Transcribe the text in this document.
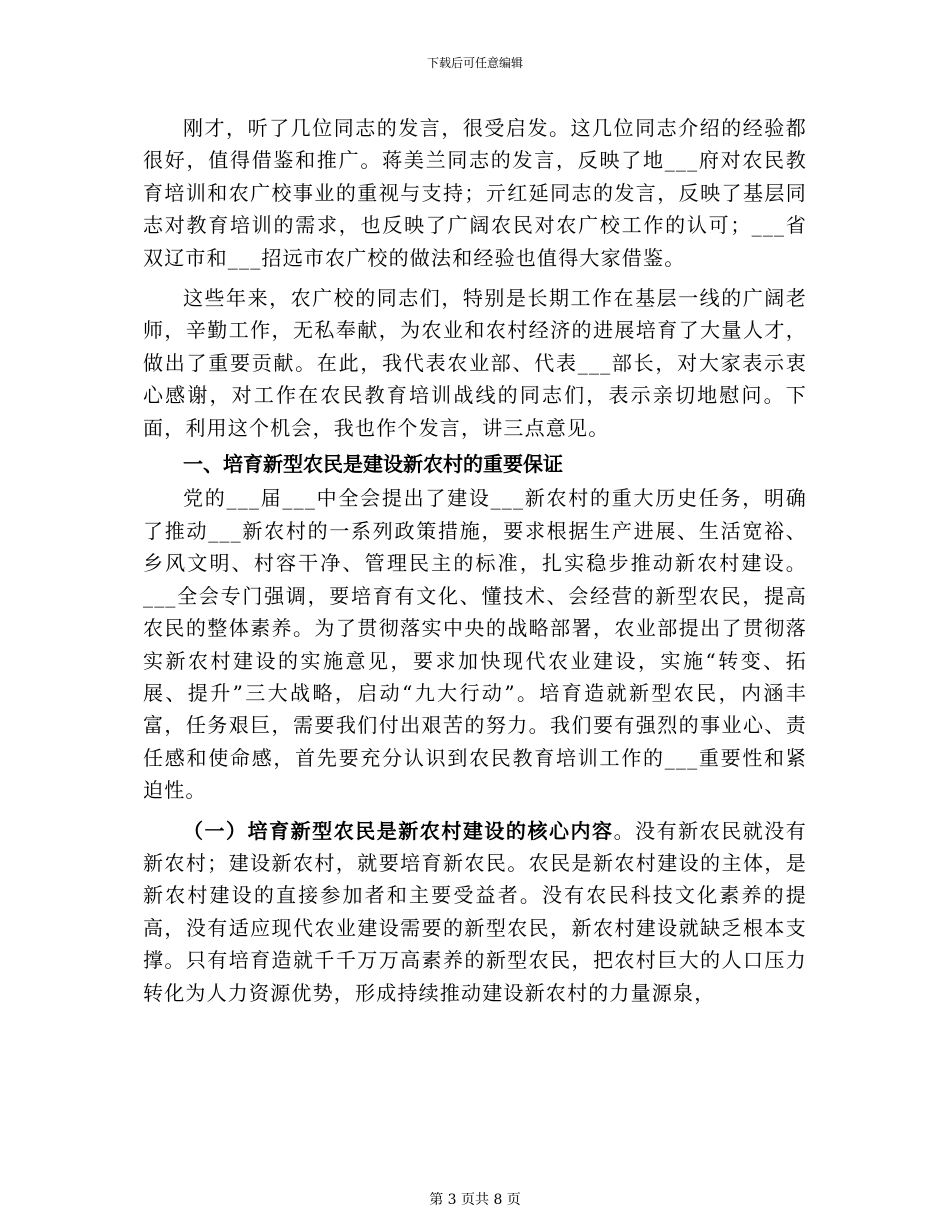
下载后可任意编辑

刚才，听了几位同志的发言，很受启发。这几位同志介绍的经验都很好，值得借鉴和推广。蒋美兰同志的发言，反映了地___府对农民教育培训和农广校事业的重视与支持；亓红延同志的发言，反映了基层同志对教育培训的需求，也反映了广阔农民对农广校工作的认可；___省双辽市和___招远市农广校的做法和经验也值得大家借鉴。

这些年来，农广校的同志们，特别是长期工作在基层一线的广阔老师，辛勤工作，无私奉献，为农业和农村经济的进展培育了大量人才，做出了重要贡献。在此，我代表农业部、代表___部长，对大家表示衷心感谢，对工作在农民教育培训战线的同志们，表示亲切地慰问。下面，利用这个机会，我也作个发言，讲三点意见。

一、培育新型农民是建设新农村的重要保证

党的___届___中全会提出了建设___新农村的重大历史任务，明确了推动___新农村的一系列政策措施，要求根据生产进展、生活宽裕、乡风文明、村容干净、管理民主的标准，扎实稳步推动新农村建设。___全会专门强调，要培育有文化、懂技术、会经营的新型农民，提高农民的整体素养。为了贯彻落实中央的战略部署，农业部提出了贯彻落实新农村建设的实施意见，要求加快现代农业建设，实施“转变、拓展、提升”三大战略，启动“九大行动”。培育造就新型农民，内涵丰富，任务艰巨，需要我们付出艰苦的努力。我们要有强烈的事业心、责任感和使命感，首先要充分认识到农民教育培训工作的___重要性和紧迫性。

（一）培育新型农民是新农村建设的核心内容。没有新农民就没有新农村；建设新农村，就要培育新农民。农民是新农村建设的主体，是新农村建设的直接参加者和主要受益者。没有农民科技文化素养的提高，没有适应现代农业建设需要的新型农民，新农村建设就缺乏根本支撑。只有培育造就千千万万高素养的新型农民，把农村巨大的人口压力转化为人力资源优势，形成持续推动建设新农村的力量源泉，

第 3 页共 8 页
